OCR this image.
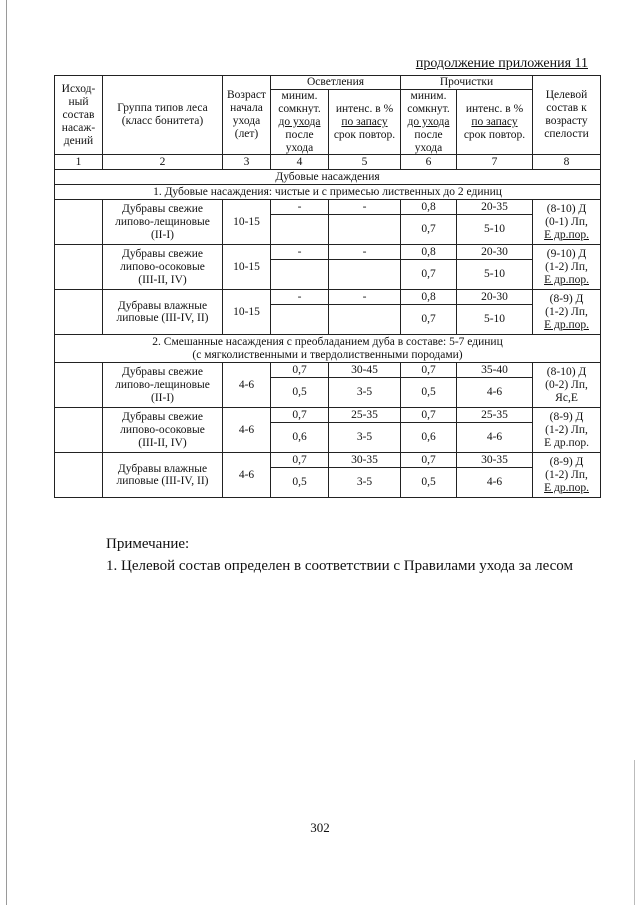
продолжение приложения 11
Исход-
ный
состав
насаж-
дений	Группа типов леса
(класс бонитета)	Возраст
начала
ухода
(лет)	Осветления		Прочистки		Целевой
состав к
возрасту
спелости
			миним.
сомкнут.
до ухода
после
ухода	интенс. в %
по запасу
срок повтор.	миним.
сомкнут.
до ухода
после
ухода	интенс. в %
по запасу
срок повтор.	

1	2	3	4	5	6	7	8
Дубовые насаждения							
1. Дубовые насаждения: чистые и с примесью лиственных до 2 единиц							
	Дубравы свежие
липово-лещиновые
(II-I)	10-15	-	-	0,8	20-35	(8-10) Д
(0-1) Лп,
Е др.пор.
					0,7	5-10	
	Дубравы свежие
липово-осоковые
(III-II, IV)	10-15	-	-	0,8	20-30	(9-10) Д
(1-2) Лп,
Е др.пор.
					0,7	5-10	
	Дубравы влажные
липовые (III-IV, II)	10-15	-	-	0,8	20-30	(8-9) Д
(1-2) Лп,
Е др.пор.
					0,7	5-10	
2. Смешанные насаждения с преобладанием дуба в составе: 5-7 единиц
(с мягколиственными и твердолиственными породами)							
	Дубравы свежие
липово-лещиновые
(II-I)	4-6	0,7	30-45	0,7	35-40	(8-10) Д
(0-2) Лп,
Яс,Е
			0,5	3-5	0,5	4-6	
	Дубравы свежие
липово-осоковые
(III-II, IV)	4-6	0,7	25-35	0,7	25-35	(8-9) Д
(1-2) Лп,
Е др.пор.
			0,6	3-5	0,6	4-6	
	Дубравы влажные
липовые (III-IV, II)	4-6	0,7	30-35	0,7	30-35	(8-9) Д
(1-2) Лп,
Е др.пор.
			0,5	3-5	0,5	4-6	
Примечание:
1. Целевой состав определен в соответствии с Правилами ухода за лесом
302
